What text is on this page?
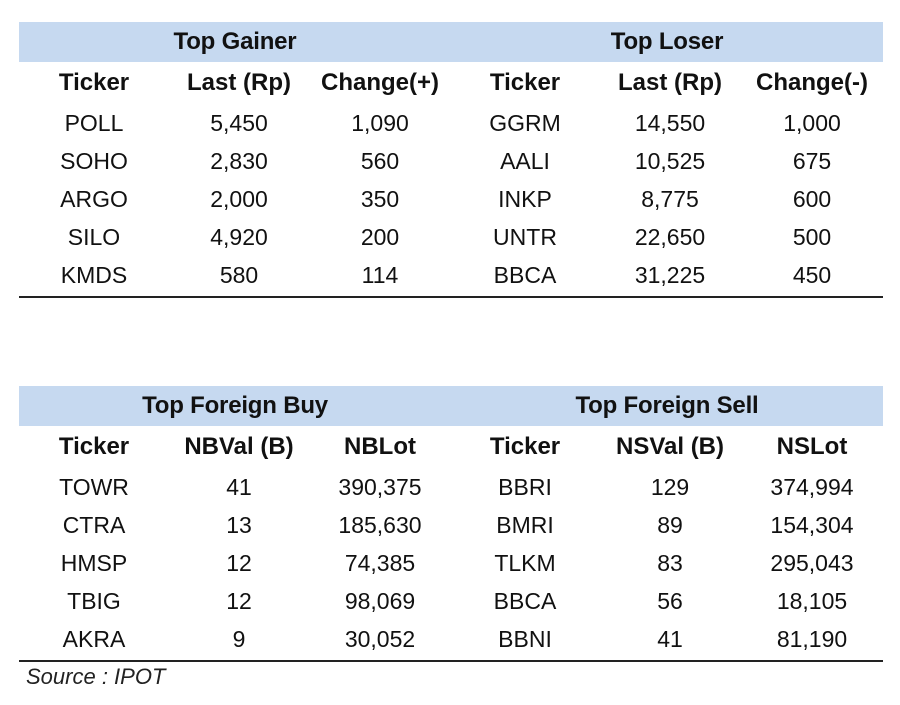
Top Gainer	Top Loser
Ticker	Last (Rp)	Change(+)	Ticker	Last (Rp)	Change(-)
POLL	5,450	1,090	GGRM	14,550	1,000
SOHO	2,830	560	AALI	10,525	675
ARGO	2,000	350	INKP	8,775	600
SILO	4,920	200	UNTR	22,650	500
KMDS	580	114	BBCA	31,225	450
Top Foreign Buy	Top Foreign Sell
Ticker	NBVal (B)	NBLot	Ticker	NSVal (B)	NSLot
TOWR	41	390,375	BBRI	129	374,994
CTRA	13	185,630	BMRI	89	154,304
HMSP	12	74,385	TLKM	83	295,043
TBIG	12	98,069	BBCA	56	18,105
AKRA	9	30,052	BBNI	41	81,190
Source : IPOT
